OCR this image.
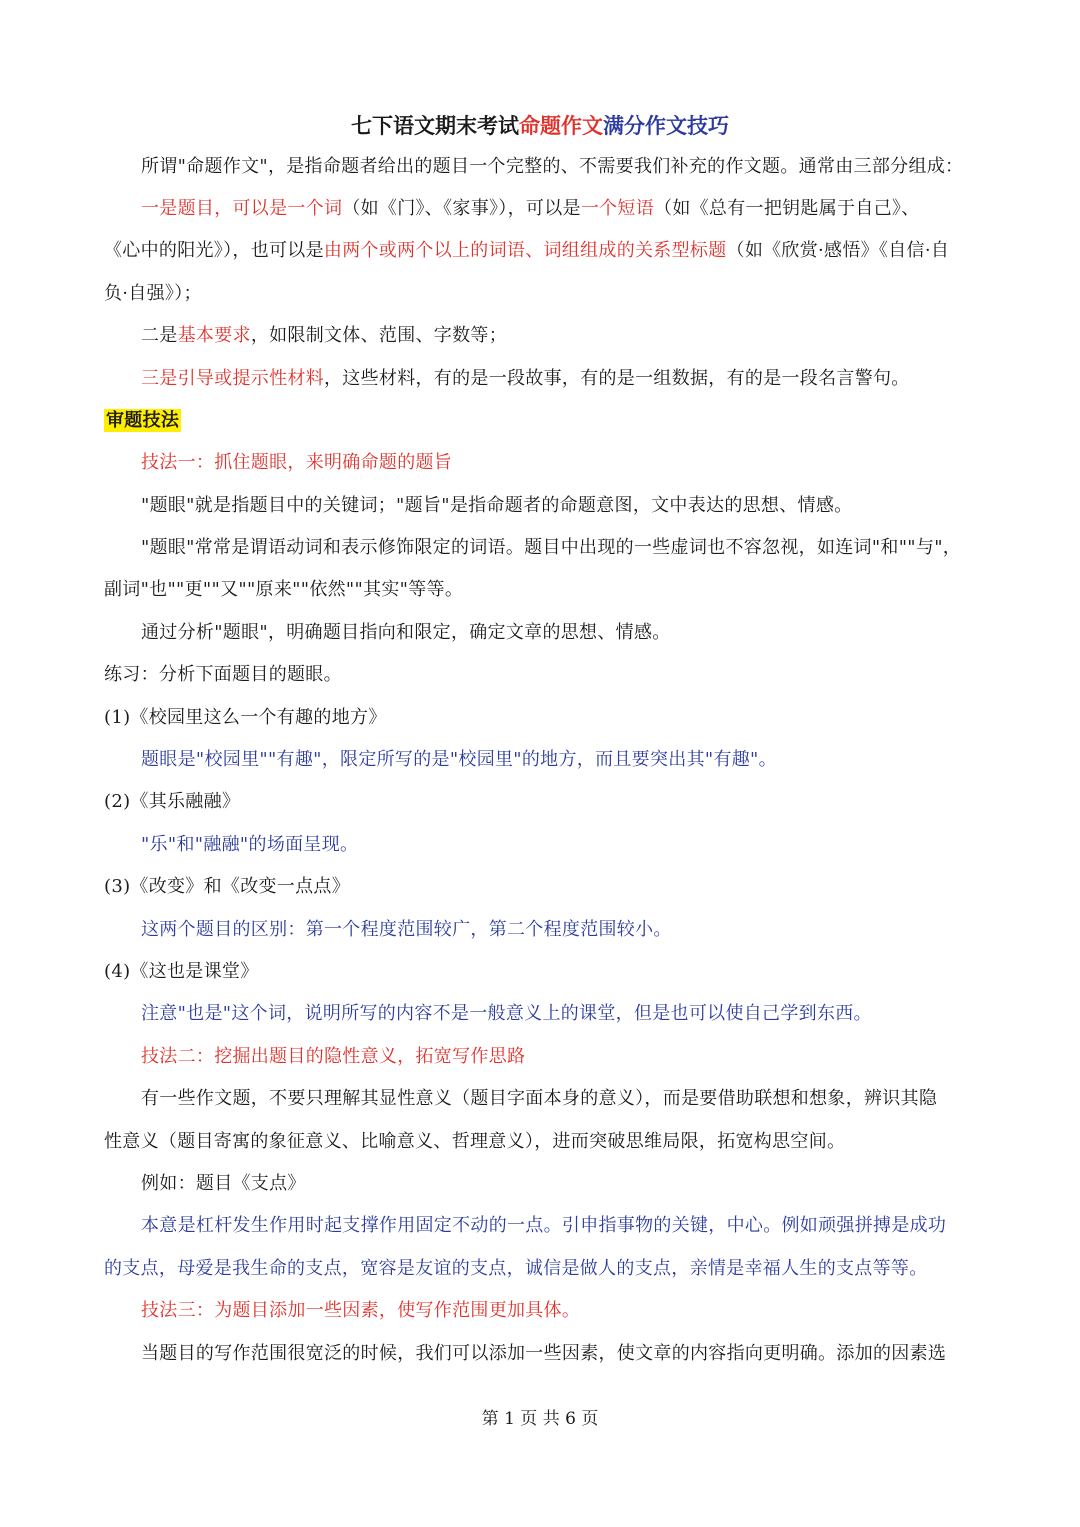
七下语文期末考试命题作文满分作文技巧
所谓"命题作文"，是指命题者给出的题目一个完整的、不需要我们补充的作文题。通常由三部分组成：
一是题目，可以是一个词（如《门》、《家事》），可以是一个短语（如《总有一把钥匙属于自己》、
《心中的阳光》），也可以是由两个或两个以上的词语、词组组成的关系型标题（如《欣赏·感悟》《自信·自
负·自强》）；
二是基本要求，如限制文体、范围、字数等；
三是引导或提示性材料，这些材料，有的是一段故事，有的是一组数据，有的是一段名言警句。
审题技法
技法一：抓住题眼，来明确命题的题旨
"题眼"就是指题目中的关键词；"题旨"是指命题者的命题意图，文中表达的思想、情感。
"题眼"常常是谓语动词和表示修饰限定的词语。题目中出现的一些虚词也不容忽视，如连词"和""与"，
副词"也""更""又""原来""依然""其实"等等。
通过分析"题眼"，明确题目指向和限定，确定文章的思想、情感。
练习：分析下面题目的题眼。
(1)《校园里这么一个有趣的地方》
题眼是"校园里""有趣"，限定所写的是"校园里"的地方，而且要突出其"有趣"。
(2)《其乐融融》
"乐"和"融融"的场面呈现。
(3)《改变》和《改变一点点》
这两个题目的区别：第一个程度范围较广，第二个程度范围较小。
(4)《这也是课堂》
注意"也是"这个词，说明所写的内容不是一般意义上的课堂，但是也可以使自己学到东西。
技法二：挖掘出题目的隐性意义，拓宽写作思路
有一些作文题，不要只理解其显性意义（题目字面本身的意义），而是要借助联想和想象，辨识其隐
性意义（题目寄寓的象征意义、比喻意义、哲理意义），进而突破思维局限，拓宽构思空间。
例如：题目《支点》
本意是杠杆发生作用时起支撑作用固定不动的一点。引申指事物的关键，中心。例如顽强拼搏是成功
的支点，母爱是我生命的支点，宽容是友谊的支点，诚信是做人的支点，亲情是幸福人生的支点等等。
技法三：为题目添加一些因素，使写作范围更加具体。
当题目的写作范围很宽泛的时候，我们可以添加一些因素，使文章的内容指向更明确。添加的因素选
第 1 页 共 6 页
